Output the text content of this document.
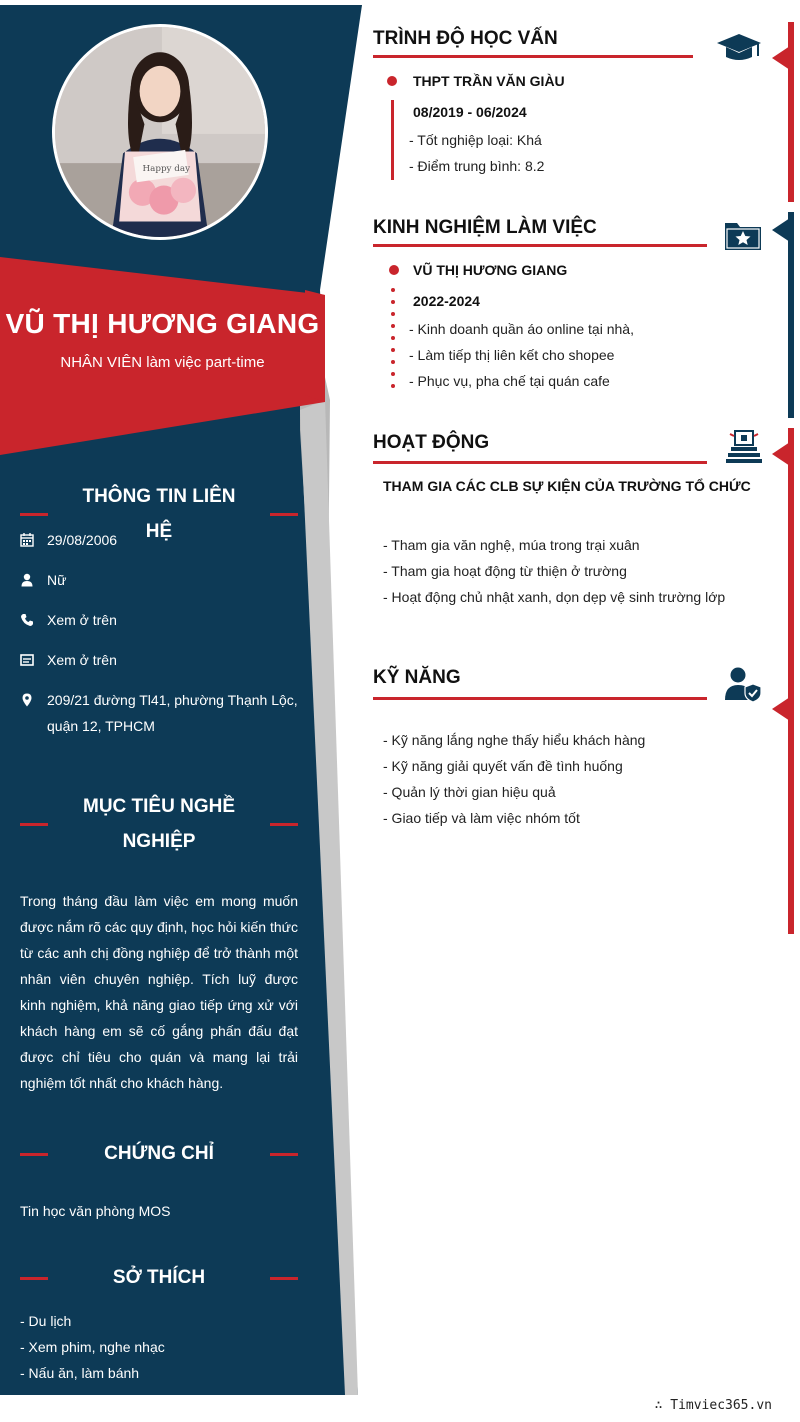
Happy day
VŨ THỊ HƯƠNG GIANG
NHÂN VIÊN làm việc part-time
THÔNG TIN LIÊN HỆ
29/08/2006
Nữ
Xem ở trên
Xem ở trên
209/21 đường Tl41, phường Thạnh Lộc, quận 12, TPHCM
MỤC TIÊU NGHỀ NGHIỆP

Trong tháng đầu làm việc em mong muốn được nắm rõ các quy định, học hỏi kiến thức từ các anh chị đồng nghiệp để trở thành một nhân viên chuyên nghiệp. Tích luỹ được kinh nghiệm, khả năng giao tiếp ứng xử với khách hàng em sẽ cố gắng phấn đấu đạt được chỉ tiêu cho quán và mang lại trải nghiệm tốt nhất cho khách hàng.

CHỨNG CHỈ
Tin học văn phòng MOS
SỞ THÍCH
- Du lịch
- Xem phim, nghe nhạc
- Nấu ăn, làm bánh
TRÌNH ĐỘ HỌC VẤN
THPT TRẦN VĂN GIÀU
08/2019 - 06/2024
- Tốt nghiệp loại: Khá
- Điểm trung bình: 8.2
KINH NGHIỆM LÀM VIỆC
VŨ THỊ HƯƠNG GIANG
2022-2024
- Kinh doanh quần áo online tại nhà,
- Làm tiếp thị liên kết cho shopee
- Phục vụ, pha chế tại quán cafe
HOẠT ĐỘNG
THAM GIA CÁC CLB SỰ KIỆN CỦA TRƯỜNG TỔ CHỨC
- Tham gia văn nghệ, múa trong trại xuân
- Tham gia hoạt động từ thiện ở trường
- Hoạt động chủ nhật xanh, dọn dẹp vệ sinh trường lớp
KỸ NĂNG
- Kỹ năng lắng nghe thấy hiểu khách hàng
- Kỹ năng giải quyết vấn đề tình huống
- Quản lý thời gian hiệu quả
- Giao tiếp và làm việc nhóm tốt
∴ Timviec365.vn
